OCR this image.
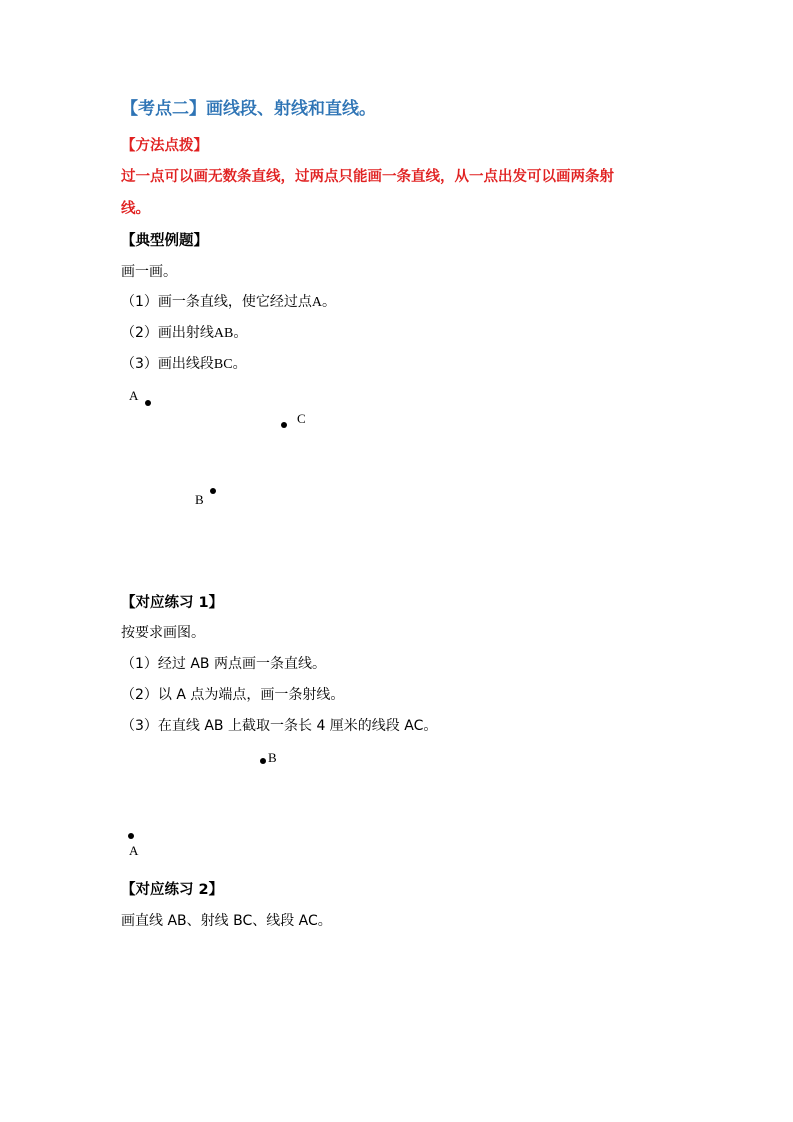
【考点二】画线段、射线和直线。
【方法点拨】
过一点可以画无数条直线，过两点只能画一条直线，从一点出发可以画两条射
线。
【典型例题】
画一画。
（1）画一条直线，使它经过点A。
（2）画出射线AB。
（3）画出线段BC。
A
C
B
【对应练习 1】
按要求画图。
（1）经过 AB 两点画一条直线。
（2）以 A 点为端点，画一条射线。
（3）在直线 AB 上截取一条长 4 厘米的线段 AC。
B
A
【对应练习 2】
画直线 AB、射线 BC、线段 AC。
